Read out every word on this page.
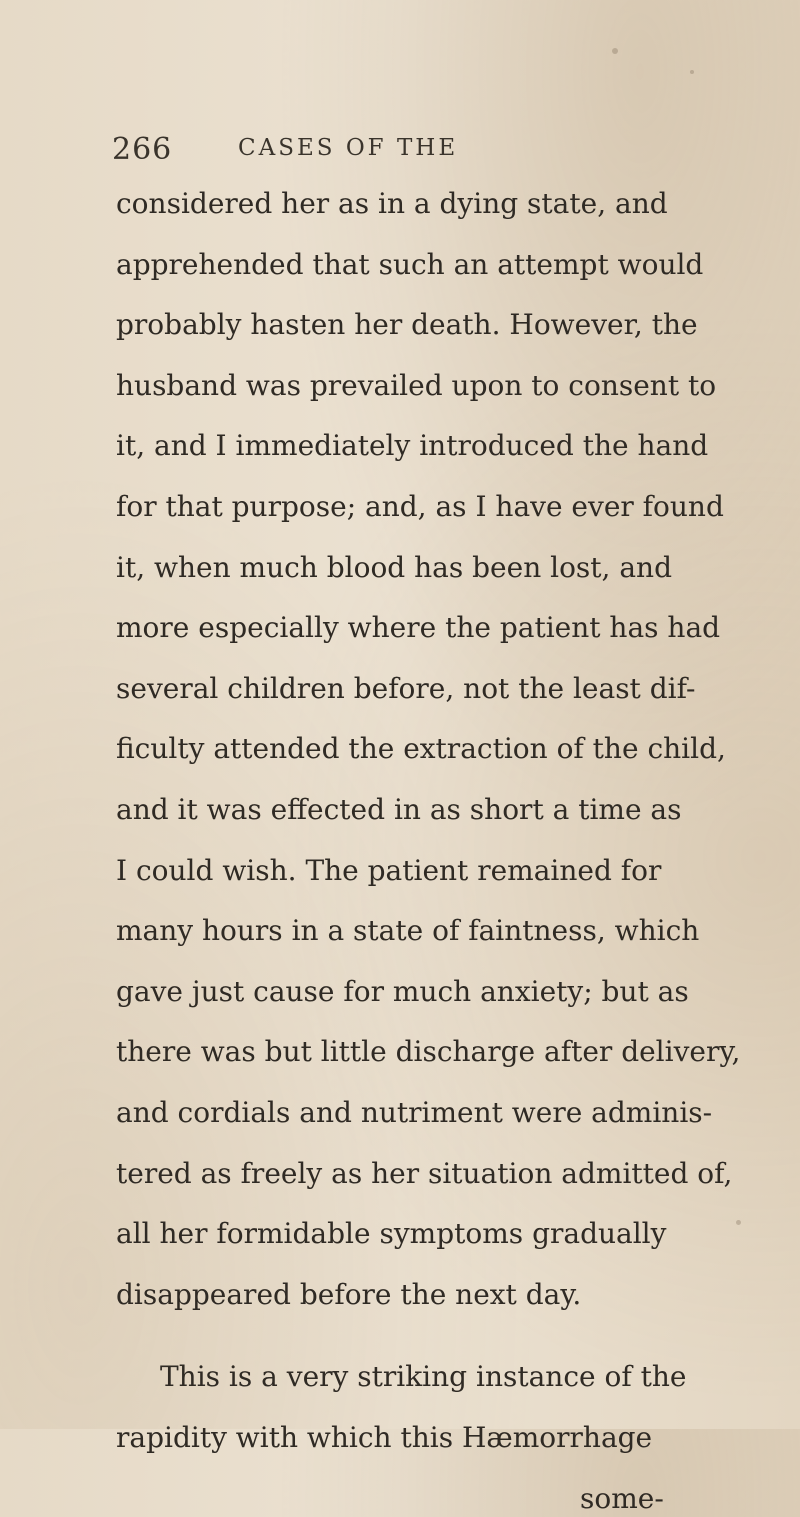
266	CASES OF THE
considered her as in a dying state, and
apprehended that such an attempt would
probably hasten her death. However, the
husband was prevailed upon to consent to
it, and I immediately introduced the hand
for that purpose; and, as I have ever found
it, when much blood has been lost, and
more especially where the patient has had
several children before, not the least dif-
ficulty attended the extraction of the child,
and it was effected in as short a time as
I could wish. The patient remained for
many hours in a state of faintness, which
gave just cause for much anxiety; but as
there was but little discharge after delivery,
and cordials and nutriment were adminis-
tered as freely as her situation admitted of,
all her formidable symptoms gradually
disappeared before the next day.
This is a very striking instance of the
rapidity with which this Hæmorrhage
some-
